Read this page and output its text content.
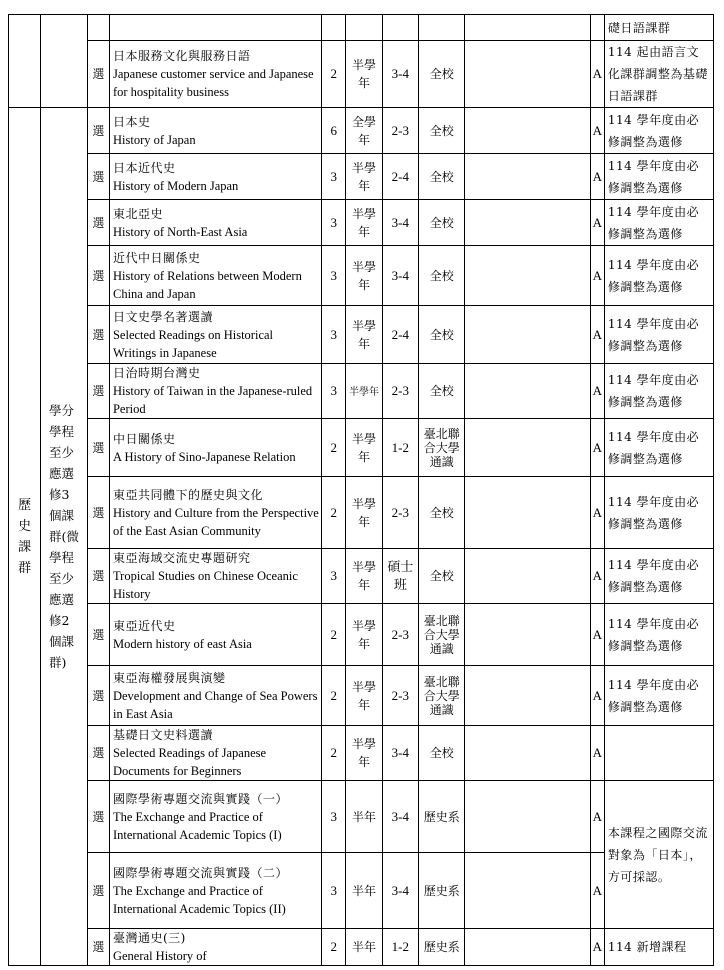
							礎日語課群
		選	日本服務文化與服務日語
Japanese customer service and Japanese for hospitality business	2	半學年	3-4	全校		A	114 起由語言文化課群調整為基礎日語課群
歷史課群	學分學程至少應選修3個課群(微學程至少應選修2個課群)	選	日本史
History of Japan	6	全學年	2-3	全校		A	114 學年度由必修調整為選修
		選	日本近代史
History of Modern Japan	3	半學年	2-4	全校		A	114 學年度由必修調整為選修
		選	東北亞史
History of North-East Asia	3	半學年	3-4	全校		A	114 學年度由必修調整為選修
		選	近代中日關係史
History of Relations between Modern China and Japan	3	半學年	3-4	全校		A	114 學年度由必修調整為選修
		選	日文史學名著選讀
Selected Readings on Historical Writings in Japanese	3	半學年	2-4	全校		A	114 學年度由必修調整為選修
		選	日治時期台灣史
History of Taiwan in the Japanese-ruled Period	3	半學年	2-3	全校		A	114 學年度由必修調整為選修
		選	中日關係史
A History of Sino-Japanese Relation	2	半學年	1-2	臺北聯合大學通識		A	114 學年度由必修調整為選修
		選	東亞共同體下的歷史與文化
History and Culture from the Perspective of the East Asian Community	2	半學年	2-3	全校		A	114 學年度由必修調整為選修
		選	東亞海域交流史專題研究
Tropical Studies on Chinese Oceanic History	3	半學年	碩士班	全校		A	114 學年度由必修調整為選修
		選	東亞近代史
Modern history of east Asia	2	半學年	2-3	臺北聯合大學通識		A	114 學年度由必修調整為選修
		選	東亞海權發展與演變
Development and Change of Sea Powers in East Asia	2	半學年	2-3	臺北聯合大學通識		A	114 學年度由必修調整為選修
		選	基礎日文史料選讀
Selected Readings of Japanese Documents for Beginners	2	半學年	3-4	全校		A	
		選	國際學術專題交流與實踐（一）
The Exchange and Practice of International Academic Topics (I)	3	半年	3-4	歷史系		A	本課程之國際交流對象為「日本」，方可採認。
		選	國際學術專題交流與實踐（二）
The Exchange and Practice of International Academic Topics (II)	3	半年	3-4	歷史系		A	
		選	臺灣通史(三)
General History of	2	半年	1-2	歷史系		A	114 新增課程
